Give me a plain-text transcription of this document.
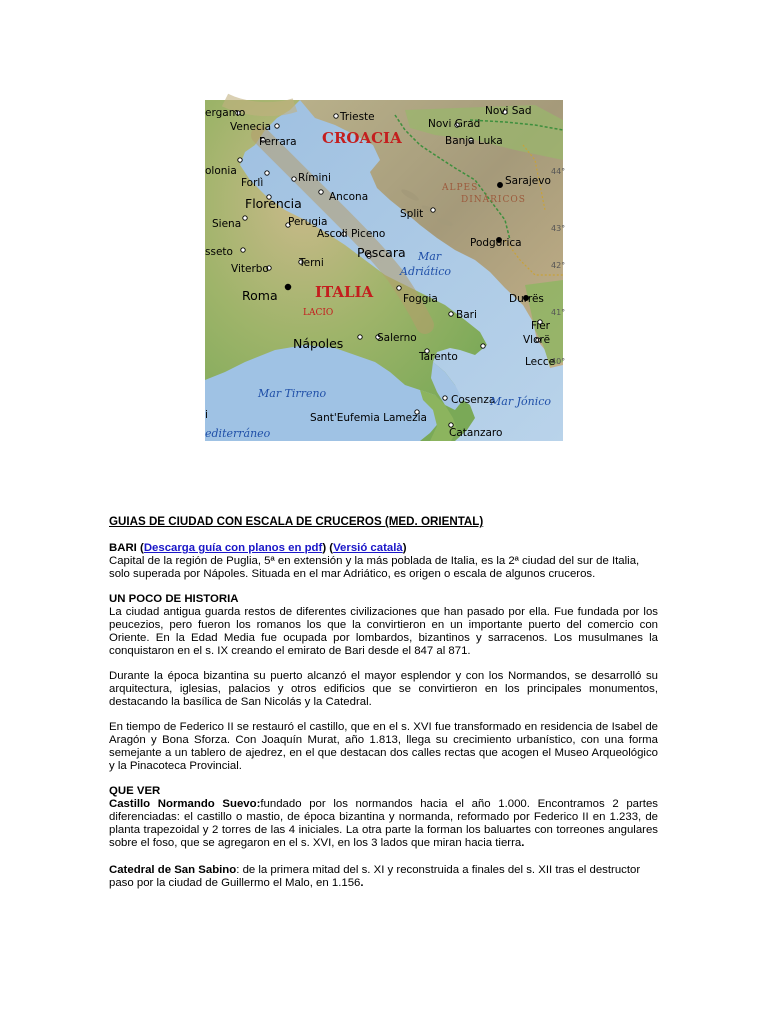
44°
43°
42°
41°
40°
ergamo	Trieste	Novi Sad
Venecia	Novi Grad
Banja Luka
Ferrara
olonia
Forlì	Rímini	Sarajevo
Florencia	Ancona
Split
Siena	Perugia
Ascoli Piceno
Podgorica
sseto	Pescara
Terni
Viterbo
Roma	Foggia	Durrës
Bari
Fier
Vlorë
Nápoles	Salerno
Lecce
Tarento
Cosenza
Sant'Eufemia Lamezia
Catanzaro
CROACIA
ITALIA
LACIO
ALPES
DINÁRICOS
Mar
Adriático
Mar Tirreno
Mar Jónico
editerráneo
i

GUIAS DE CIUDAD CON ESCALA DE CRUCEROS (MED. ORIENTAL)

BARI (Descarga guía con planos en pdf) (Versió català)

Capital de la región de Puglia, 5ª en extensión y la más poblada de Italia, es la 2ª ciudad del sur de Italia, solo superada por Nápoles. Situada en el mar Adriático, es origen o escala de algunos cruceros.

UN POCO DE HISTORIA

La ciudad antigua guarda restos de diferentes civilizaciones que han pasado por ella. Fue fundada por los peucezios, pero fueron los romanos los que la convirtieron en un importante puerto del comercio con Oriente. En la Edad Media fue ocupada por lombardos, bizantinos y sarracenos. Los musulmanes la conquistaron en el s. IX creando el emirato de Bari desde el 847 al 871.

Durante la época bizantina su puerto alcanzó el mayor esplendor y con los Normandos, se desarrolló su arquitectura, iglesias, palacios y otros edificios que se convirtieron en los principales monumentos, destacando la basílica de San Nicolás y la Catedral.

En tiempo de Federico II se restauró el castillo, que en el s. XVI fue transformado en residencia de Isabel de Aragón y Bona Sforza. Con Joaquín Murat, año 1.813, llega su crecimiento urbanístico, con una forma semejante a un tablero de ajedrez, en el que destacan dos calles rectas que acogen el Museo Arqueológico y la Pinacoteca Provincial.

QUE VER

Castillo Normando Suevo:fundado por los normandos hacia el año 1.000. Encontramos 2 partes diferenciadas: el castillo o mastio, de época bizantina y normanda, reformado por Federico II en 1.233, de planta trapezoidal y 2 torres de las 4 iniciales. La otra parte la forman los baluartes con torreones angulares sobre el foso, que se agregaron en el s. XVI, en los 3 lados que miran hacia tierra.

Catedral de San Sabino: de la primera mitad del s. XI y reconstruida a finales del s. XII tras el destructor paso por la ciudad de Guillermo el Malo, en 1.156.
